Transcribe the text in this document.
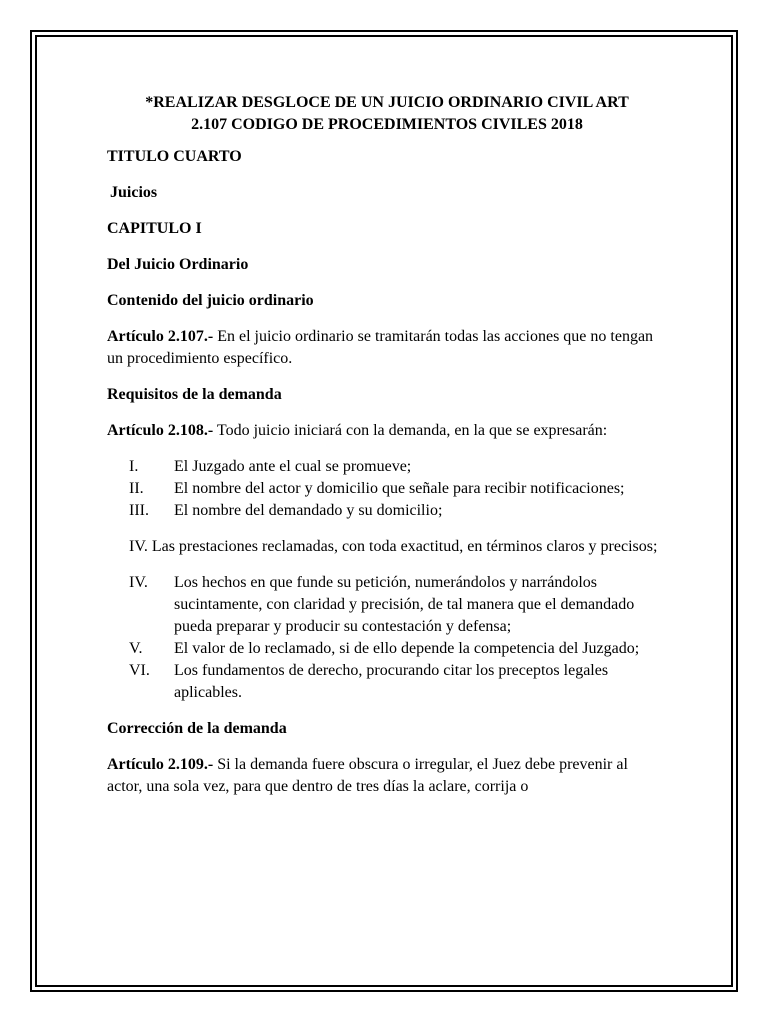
*REALIZAR DESGLOCE DE UN JUICIO ORDINARIO CIVIL ART
2.107 CODIGO DE PROCEDIMIENTOS CIVILES 2018
TITULO CUARTO
Juicios
CAPITULO I
Del Juicio Ordinario
Contenido del juicio ordinario

Artículo 2.107.- En el juicio ordinario se tramitarán todas las acciones que no tengan un procedimiento específico.

Requisitos de la demanda

Artículo 2.108.- Todo juicio iniciará con la demanda, en la que se expresarán:

I.	El Juzgado ante el cual se promueve;
II.	El nombre del actor y domicilio que señale para recibir notificaciones;
III.	El nombre del demandado y su domicilio;

IV. Las prestaciones reclamadas, con toda exactitud, en términos claros y precisos;

IV.	Los hechos en que funde su petición, numerándolos y narrándolos sucintamente, con claridad y precisión, de tal manera que el demandado pueda preparar y producir su contestación y defensa;
V.	El valor de lo reclamado, si de ello depende la competencia del Juzgado;
VI.	Los fundamentos de derecho, procurando citar los preceptos legales aplicables.
Corrección de la demanda

Artículo 2.109.- Si la demanda fuere obscura o irregular, el Juez debe prevenir al actor, una sola vez, para que dentro de tres días la aclare, corrija o
